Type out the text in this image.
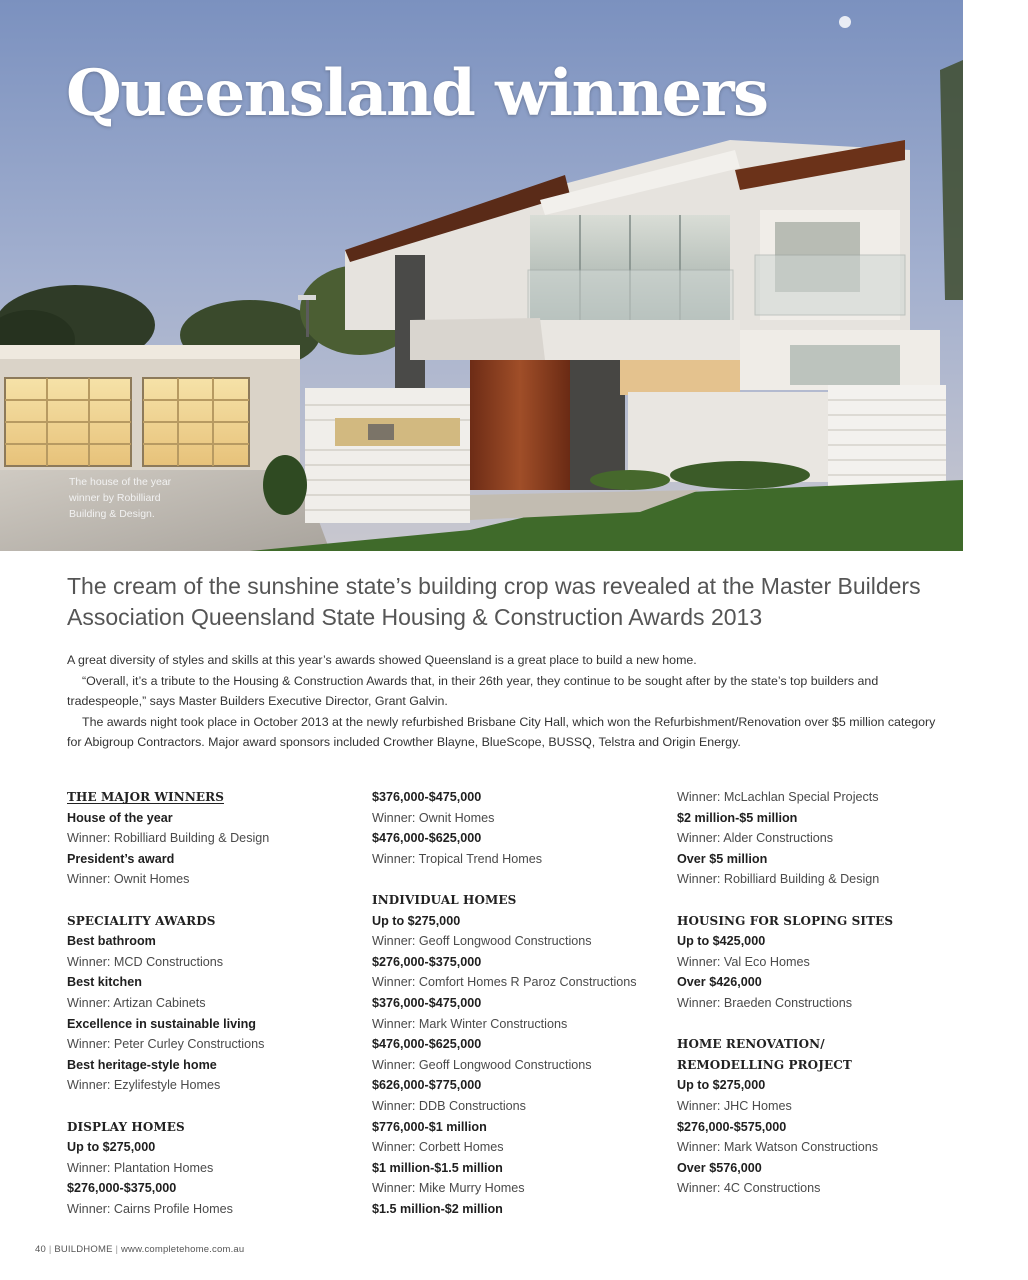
Queensland winners
The house of the year winner by Robilliard Building & Design.
The cream of the sunshine state’s building crop was revealed at the Master Builders Association Queensland State Housing & Construction Awards 2013

A great diversity of styles and skills at this year’s awards showed Queensland is a great place to build a new home.

“Overall, it’s a tribute to the Housing & Construction Awards that, in their 26th year, they continue to be sought after by the state’s top builders and tradespeople,” says Master Builders Executive Director, Grant Galvin.

The awards night took place in October 2013 at the newly refurbished Brisbane City Hall, which won the Refurbishment/Renovation over $5 million category for Abigroup Contractors. Major award sponsors included Crowther Blayne, BlueScope, BUSSQ, Telstra and Origin Energy.

THE MAJOR WINNERS
House of the year
Winner: Robilliard Building & Design
President’s award
Winner: Ownit Homes
SPECIALITY AWARDS
Best bathroom
Winner: MCD Constructions
Best kitchen
Winner: Artizan Cabinets
Excellence in sustainable living
Winner: Peter Curley Constructions
Best heritage-style home
Winner: Ezylifestyle Homes
DISPLAY HOMES
Up to $275,000
Winner: Plantation Homes
$276,000-$375,000
Winner: Cairns Profile Homes
$376,000-$475,000
Winner: Ownit Homes
$476,000-$625,000
Winner: Tropical Trend Homes
INDIVIDUAL HOMES
Up to $275,000
Winner: Geoff Longwood Constructions
$276,000-$375,000
Winner: Comfort Homes R Paroz Constructions
$376,000-$475,000
Winner: Mark Winter Constructions
$476,000-$625,000
Winner: Geoff Longwood Constructions
$626,000-$775,000
Winner: DDB Constructions
$776,000-$1 million
Winner: Corbett Homes
$1 million-$1.5 million
Winner: Mike Murry Homes
$1.5 million-$2 million
Winner: McLachlan Special Projects
$2 million-$5 million
Winner: Alder Constructions
Over $5 million
Winner: Robilliard Building & Design
HOUSING FOR SLOPING SITES
Up to $425,000
Winner: Val Eco Homes
Over $426,000
Winner: Braeden Constructions
HOME RENOVATION/
REMODELLING PROJECT
Up to $275,000
Winner: JHC Homes
$276,000-$575,000
Winner: Mark Watson Constructions
Over $576,000
Winner: 4C Constructions
40 | BUILDHOME | www.completehome.com.au
